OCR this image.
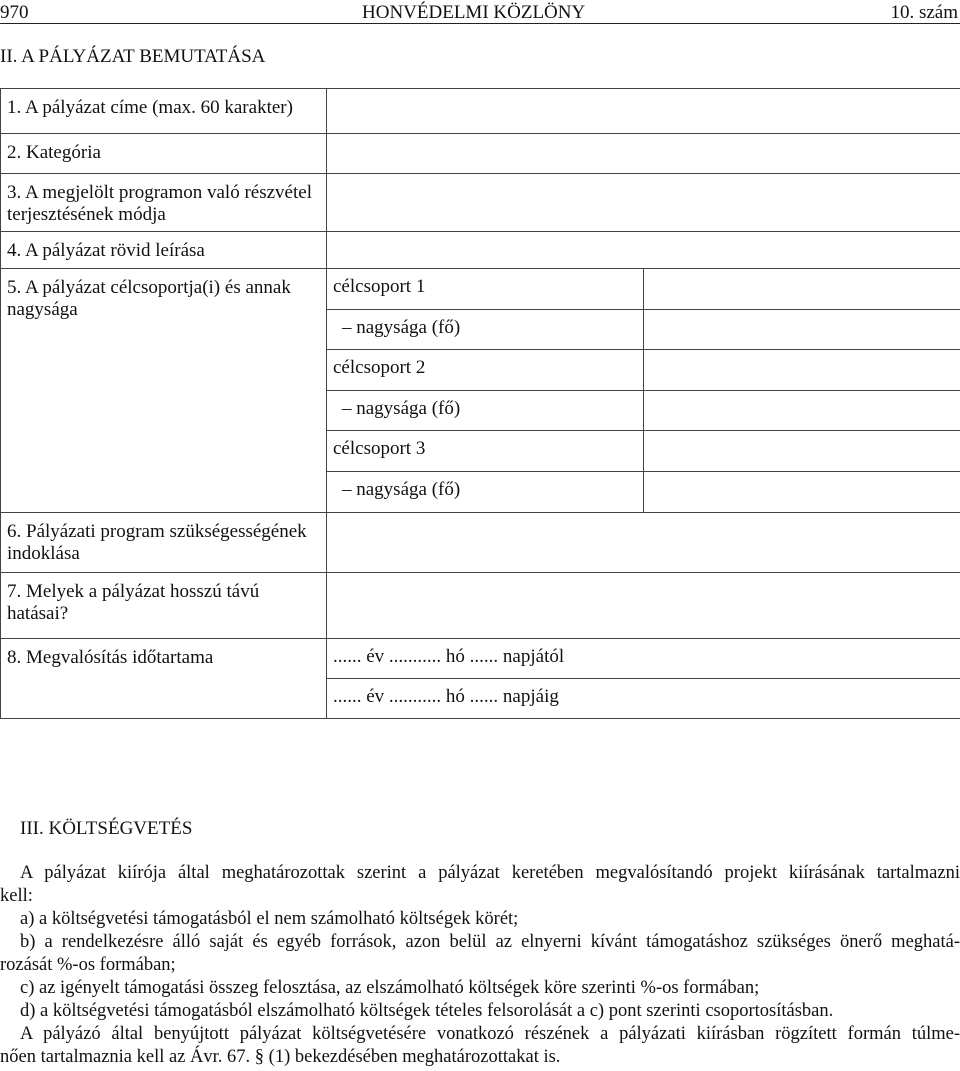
970	HONVÉDELMI KÖZLÖNY	10. szám
II. A PÁLYÁZAT BEMUTATÁSA
1. A pályázat címe (max. 60 karakter)		
2. Kategória		
3. A megjelölt programon való részvétel terjesztésének módja		
4. A pályázat rövid leírása		
5. A pályázat célcsoportja(i) és annak nagysága	célcsoport 1	
	– nagysága (fő)	
	célcsoport 2	
	– nagysága (fő)	
	célcsoport 3	
	– nagysága (fő)	
6. Pályázati program szükségességének indoklása		
7. Melyek a pályázat hosszú távú hatásai?		
8. Megvalósítás időtartama	...... év ........... hó ...... napjától	
	...... év ........... hó ...... napjáig	
III. KÖLTSÉGVETÉS

A pályázat kiírója által meghatározottak szerint a pályázat keretében megvalósítandó projekt kiírásának tartalmazni

kell:

a) a költségvetési támogatásból el nem számolható költségek körét;

b) a rendelkezésre álló saját és egyéb források, azon belül az elnyerni kívánt támogatáshoz szükséges önerő meghatá-

rozását %-os formában;

c) az igényelt támogatási összeg felosztása, az elszámolható költségek köre szerinti %-os formában;

d) a költségvetési támogatásból elszámolható költségek tételes felsorolását a c) pont szerinti csoportosításban.

A pályázó által benyújtott pályázat költségvetésére vonatkozó részének a pályázati kiírásban rögzített formán túlme-

nően tartalmaznia kell az Ávr. 67. § (1) bekezdésében meghatározottakat is.
